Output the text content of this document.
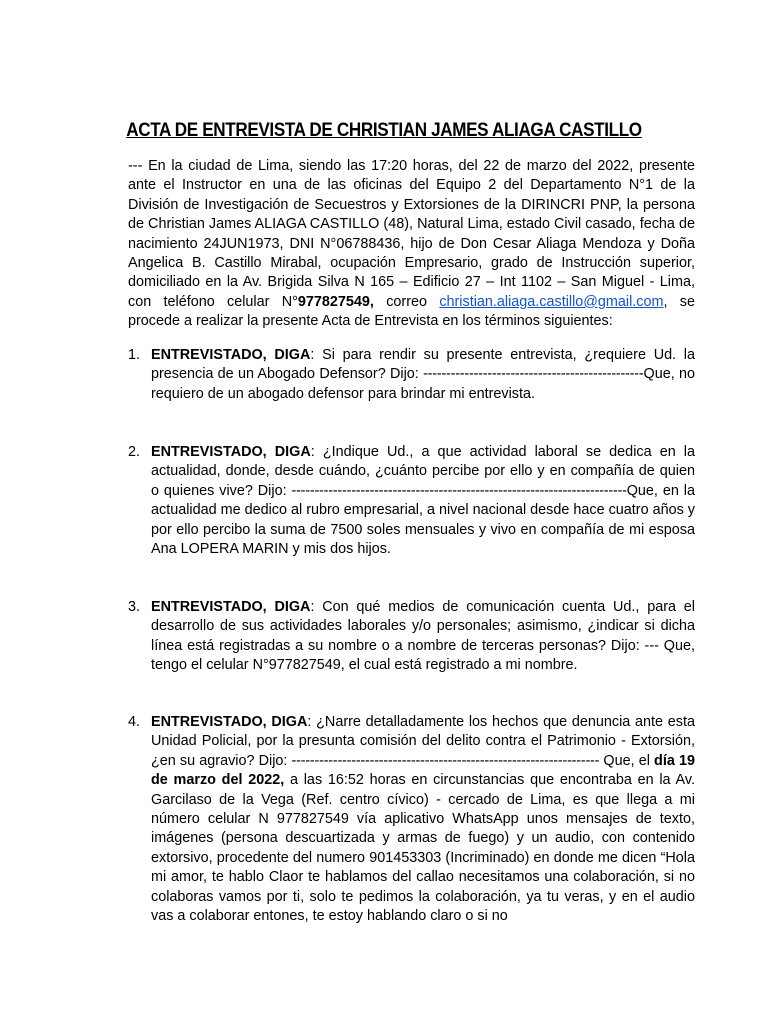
ACTA DE ENTREVISTA DE CHRISTIAN JAMES ALIAGA CASTILLO
--- En la ciudad de Lima, siendo las 17:20 horas, del 22 de marzo del 2022, presente ante el Instructor en una de las oficinas del Equipo 2 del Departamento N°1 de la División de Investigación de Secuestros y Extorsiones de la DIRINCRI PNP, la persona de Christian James ALIAGA CASTILLO (48), Natural Lima, estado Civil casado, fecha de nacimiento 24JUN1973, DNI N°06788436, hijo de Don Cesar Aliaga Mendoza y Doña Angelica B. Castillo Mirabal, ocupación Empresario, grado de Instrucción superior, domiciliado en la Av. Brigida Silva N 165 – Edificio 27 – Int 1102 – San Miguel - Lima, con teléfono celular N°977827549, correo christian.aliaga.castillo@gmail.com, se procede a realizar la presente Acta de Entrevista en los términos siguientes:
1. ENTREVISTADO, DIGA: Si para rendir su presente entrevista, ¿requiere Ud. la presencia de un Abogado Defensor? Dijo: ------------------------------------------------Que, no requiero de un abogado defensor para brindar mi entrevista.
2. ENTREVISTADO, DIGA: ¿Indique Ud., a que actividad laboral se dedica en la actualidad, donde, desde cuándo, ¿cuánto percibe por ello y en compañía de quien o quienes vive? Dijo: -------------------------------------------------------------------------Que, en la actualidad me dedico al rubro empresarial, a nivel nacional desde hace cuatro años y por ello percibo la suma de 7500 soles mensuales y vivo en compañía de mi esposa Ana LOPERA MARIN y mis dos hijos.
3. ENTREVISTADO, DIGA: Con qué medios de comunicación cuenta Ud., para el desarrollo de sus actividades laborales y/o personales; asimismo, ¿indicar si dicha línea está registradas a su nombre o a nombre de terceras personas? Dijo: --- Que, tengo el celular N°977827549, el cual está registrado a mi nombre.
4. ENTREVISTADO, DIGA: ¿Narre detalladamente los hechos que denuncia ante esta Unidad Policial, por la presunta comisión del delito contra el Patrimonio - Extorsión, ¿en su agravio? Dijo: ------------------------------------------------------------------- Que, el día 19 de marzo del 2022, a las 16:52 horas en circunstancias que encontraba en la Av. Garcilaso de la Vega (Ref. centro cívico) - cercado de Lima, es que llega a mi número celular N 977827549 vía aplicativo WhatsApp unos mensajes de texto, imágenes (persona descuartizada y armas de fuego) y un audio, con contenido extorsivo, procedente del numero 901453303 (Incriminado) en donde me dicen “Hola mi amor, te hablo Claor te hablamos del callao necesitamos una colaboración, si no colaboras vamos por ti, solo te pedimos la colaboración, ya tu veras, y en el audio vas a colaborar entones, te estoy hablando claro o si no
